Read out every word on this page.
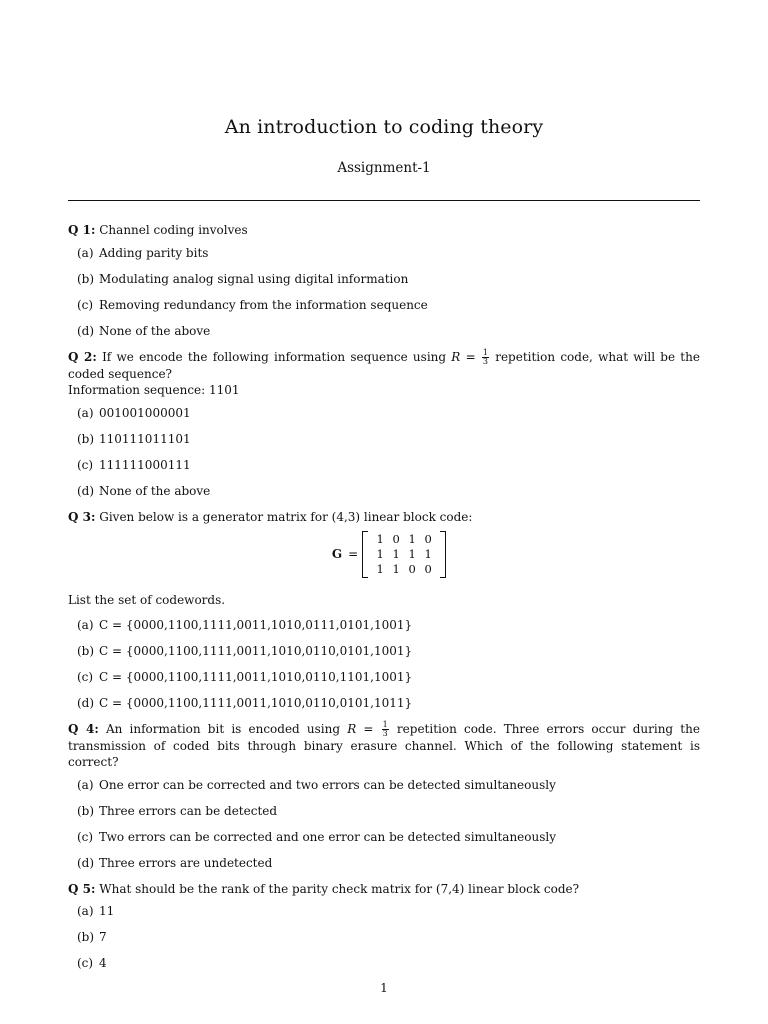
An introduction to coding theory

Assignment-1

Q 1: Channel coding involves

(a) Adding parity bits
(b) Modulating analog signal using digital information
(c) Removing redundancy from the information sequence
(d) None of the above

Q 2: If we encode the following information sequence using $R = \frac{1}{3}$ repetition code, what will be the coded sequence?
Information sequence: 1101

(a) 001001000001
(b) 110111011101
(c) 111111000111
(d) None of the above

Q 3: Given below is a generator matrix for (4,3) linear block code:

G =
1 0 1 0
1 1 1 1
1 1 0 0

List the set of codewords.

(a) C = {0000,1100,1111,0011,1010,0111,0101,1001}
(b) C = {0000,1100,1111,0011,1010,0110,0101,1001}
(c) C = {0000,1100,1111,0011,1010,0110,1101,1001}
(d) C = {0000,1100,1111,0011,1010,0110,0101,1011}

Q 4: An information bit is encoded using $R = \frac{1}{3}$ repetition code. Three errors occur during the transmission of coded bits through binary erasure channel. Which of the following statement is correct?

(a) One error can be corrected and two errors can be detected simultaneously
(b) Three errors can be detected
(c) Two errors can be corrected and one error can be detected simultaneously
(d) Three errors are undetected

Q 5: What should be the rank of the parity check matrix for (7,4) linear block code?

(a) 11
(b) 7
(c) 4
1
